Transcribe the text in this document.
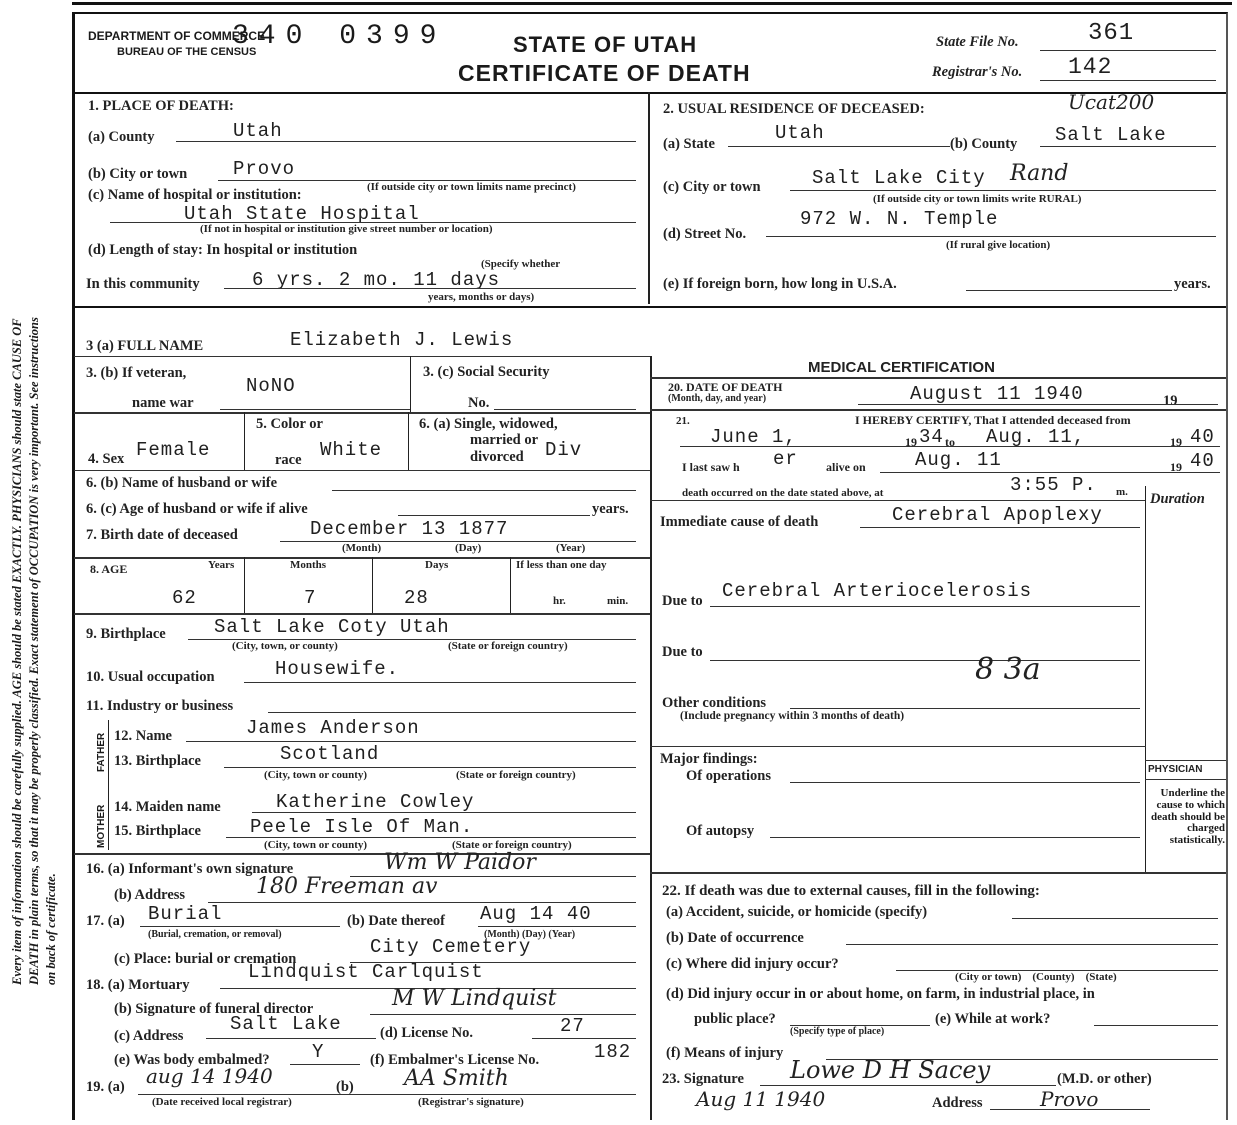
Every item of information should be carefully supplied. AGE should be stated EXACTLY. PHYSICIANS should state CAUSE OF DEATH in plain terms, so that it may be properly classified. Exact statement of OCCUPATION is very important. See instructions on back of certificate.
DEPARTMENT OF COMMERCE
BUREAU OF THE CENSUS
340 0399	STATE OF UTAH
CERTIFICATE OF DEATH
State File No.	361
Registrar's No. 142
1. PLACE OF DEATH:
(a) County	Utah
(b) City or town Provo
(c) Name of hospital or institution:	(If outside city or town limits name precinct)
Utah State Hospital
(If not in hospital or institution give street number or location)
(d) Length of stay: In hospital or institution
(Specify whether
In this community	6 yrs. 2 mo. 11 days
years, months or days)
2. USUAL RESIDENCE OF DECEASED:	Ucat200
(a) State	Utah	(b) County Salt Lake
(c) City or town	Salt Lake City Rand
(If outside city or town limits write RURAL)
(d) Street No.
972 W. N. Temple
(If rural give location)
(e) If foreign born, how long in U.S.A.	years.
3 (a) FULL NAME	Elizabeth J. Lewis
3. (b) If veteran,
name war
NoNO
3. (c) Social Security
No.
4. Sex Female
5. Color or
race White
6. (a) Single, widowed,
married or
divorced Div
6. (b) Name of husband or wife
6. (c) Age of husband or wife if alive	years.
7. Birth date of deceased	December 13 1877
(Month)	(Day)	(Year)
8. AGE	Years	Months	Days	If less than one day
62	7	28	hr.	min.
9. Birthplace	Salt Lake Coty Utah
(City, town, or county)	(State or foreign country)
10. Usual occupation	Housewife.
11. Industry or business
FATHER
MOTHER
12. Name	James Anderson
13. Birthplace	Scotland
(City, town or county)	(State or foreign country)
14. Maiden name	Katherine Cowley
15. Birthplace	Peele Isle Of Man.
(City, town or county)	(State or foreign country)
16. (a) Informant's own signature	Wm W Paidor
(b) Address	180 Freeman av
17. (a) Burial
(Burial, cremation, or removal)
(b) Date thereof Aug 14 40
(Month) (Day) (Year)
(c) Place: burial or cremation
City Cemetery
18. (a) Mortuary
Lindquist Carlquist
(b) Signature of funeral director	M W Lindquist
(c) Address
Salt Lake	(d) License No.	27
(e) Was body embalmed? Y	(f) Embalmer's License No.	182
19. (a) aug 14 1940	(b) AA Smith
(Date received local registrar)	(Registrar's signature)
MEDICAL CERTIFICATION
20. DATE OF DEATH
(Month, day, and year)	August 11 1940	19
21.	I HEREBY CERTIFY, That I attended deceased from
June 1,	19 34 to Aug. 11,	19 40
I last saw h er alive on	Aug. 11	19 40
death occurred on the date stated above, at	3:55 P. m. Duration
Immediate cause of death	Cerebral Apoplexy
Due to Cerebral Arteriocelerosis
Due to	8 3a
Other conditions
(Include pregnancy within 3 months of death)
Major findings:
Of operations
Of autopsy
PHYSICIAN
Underline the cause to which death should be charged statistically.
22. If death was due to external causes, fill in the following:
(a) Accident, suicide, or homicide (specify)
(b) Date of occurrence
(c) Where did injury occur?
(City or town)    (County)    (State)
(d) Did injury occur in or about home, on farm, in industrial place, in
public place?
(Specify type of place)
(e) While at work?
(f) Means of injury
23. Signature Lowe D H Sacey	(M.D. or other)
Aug 11 1940	Address	Provo
